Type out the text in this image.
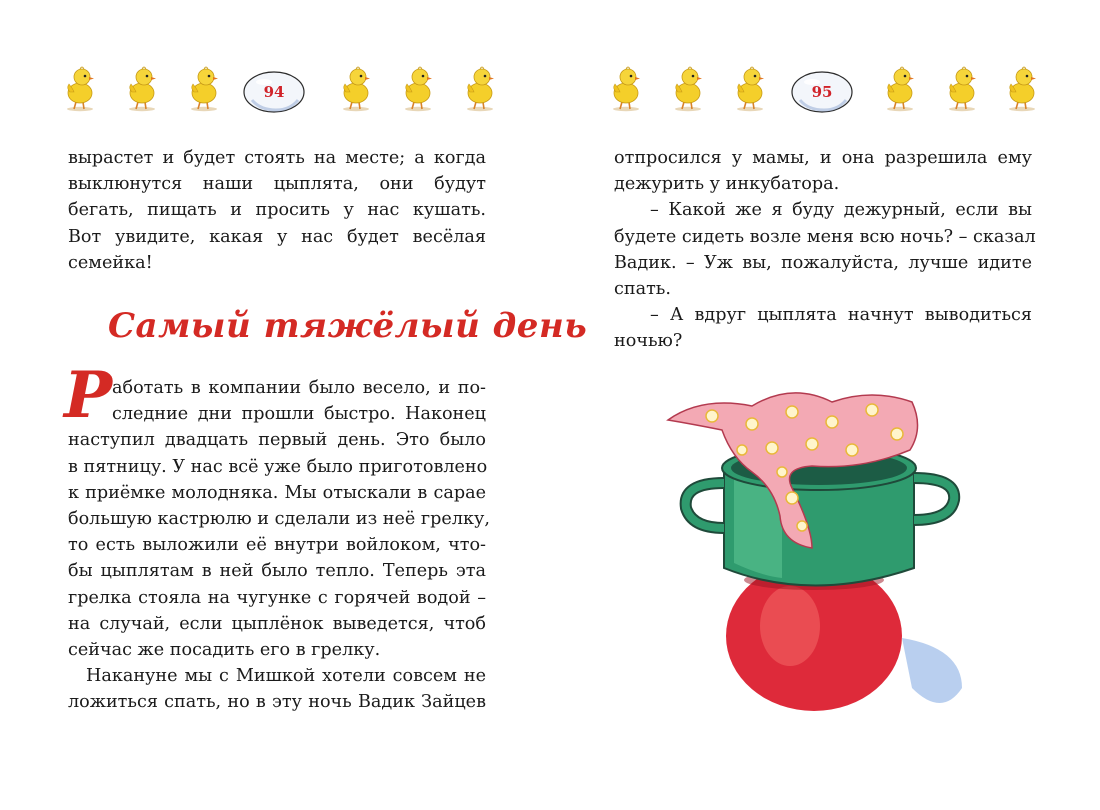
94
вырастет и будет стоять на месте; а когда
выклюнутся наши цыплята, они будут
бегать, пищать и просить у нас кушать.
Вот увидите, какая у нас будет весёлая
семейка!
Самый тяжёлый день
Р аботать в компании было весело, и по-
следние дни прошли быстро. Наконец
наступил двадцать первый день. Это было
в пятницу. У нас всё уже было приготовлено
к приёмке молодняка. Мы отыскали в сарае
большую кастрюлю и сделали из неё грелку,
то есть выложили её внутри войлоком, что-
бы цыплятам в ней было тепло. Теперь эта
грелка стояла на чугунке с горячей водой –
на случай, если цыплёнок выведется, чтоб
сейчас же посадить его в грелку.
Накануне мы с Мишкой хотели совсем не
ложиться спать, но в эту ночь Вадик Зайцев
95
отпросился у мамы, и она разрешила ему
дежурить у инкубатора.
– Какой же я буду дежурный, если вы
будете сидеть возле меня всю ночь? – сказал
Вадик. – Уж вы, пожалуйста, лучше идите
спать.
– А вдруг цыплята начнут выводиться
ночью?
